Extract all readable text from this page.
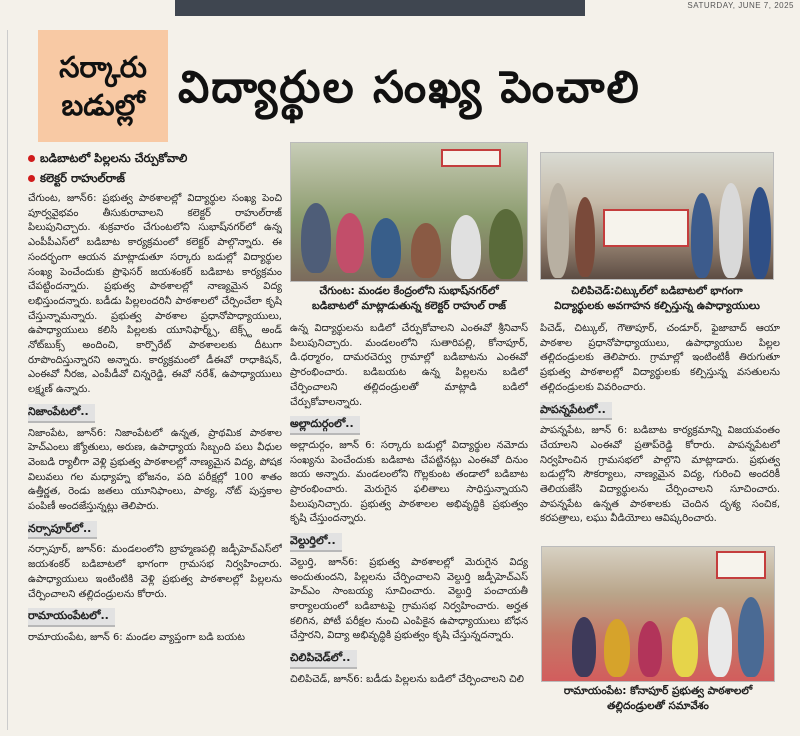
SATURDAY, JUNE 7, 2025
సర్కారు
బడుల్లో విద్యార్థుల సంఖ్య పెంచాలి
బడిబాటలో పిల్లలను చేర్పుకోవాలి
కలెక్టర్‌ రాహుల్‌రాజ్‌

చేగుంట, జూన్‌6: ప్రభుత్వ పాఠశాలల్లో విద్యార్థుల సంఖ్య పెంచి పూర్వవైభవం తీసుకురావాలని కలెక్టర్‌ రాహుల్‌రాజ్‌ పిలుపునిచ్చారు. శుక్రవారం చేగుంటలోని సుభాష్‌నగర్‌లో ఉన్న ఎంపీపీఎస్‌లో బడిబాట కార్యక్రమంలో కలెక్టర్‌ పాల్గొన్నారు. ఈ సందర్భంగా ఆయన మాట్లాడుతూ సర్కారు బడుల్లో విద్యార్థుల సంఖ్య పెంచేందుకు ప్రొఫెసర్‌ జయశంకర్‌ బడిబాట కార్యక్రమం చేపట్టిందన్నారు. ప్రభుత్వ పాఠశాలల్లో నాణ్యమైన విద్య లభిస్తుందన్నారు. బడీడు పిల్లలందరినీ పాఠశాలలో చేర్పించేలా కృషి చేస్తున్నామన్నారు. ప్రభుత్వ పాఠశాల ప్రధానోపాధ్యాయులు, ఉపాధ్యాయులు కలిసి పిల్లలకు యూనిఫార్మ్స్‌, టెక్స్ట్‌ అండ్‌ నోట్‌బుక్స్‌ అందించి, కార్పొరేట్‌ పాఠశాలలకు దీటుగా రూపొందిస్తున్నారని అన్నారు. కార్యక్రమంలో డీఈవో రాధాకిషన్‌, ఎంఈవో నీరజ, ఎంపీడీవో చిన్నరెడ్డి, ఈవో నరేశ్‌, ఉపాధ్యాయులు లక్ష్మణ్‌ ఉన్నారు.

నిజాంపేటలో..

నిజాంపేట, జూన్‌6: నిజాంపేటలో ఉన్నత, ప్రాథమిక పాఠశాల హెచ్‌ఎంలు జ్యోతులు, అరుణ, ఉపాధ్యాయ సిబ్బంది పలు వీధుల వెంబడి ర్యాలీగా వెళ్లి ప్రభుత్వ పాఠశాలల్లో నాణ్యమైన విద్య, పోషక విలువలు గల మధ్యాహ్న భోజనం, పది పరీక్షల్లో 100 శాతం ఉత్తీర్ణత, రెండు జతలు యూనిఫాంలు, పాఠ్య, నోట్‌ పుస్తకాల పంపిణీ అందజేస్తున్నట్లు తెలిపారు.

నర్సాపూర్‌లో..

నర్సాపూర్‌, జూన్‌6: మండలంలోని బ్రాహ్మణపల్లి జడ్పీహెచ్‌ఎస్‌లో జయశంకర్‌ బడిబాటలో భాగంగా గ్రామసభ నిర్వహించారు. ఉపాధ్యాయులు ఇంటింటికి వెళ్లి ప్రభుత్వ పాఠశాలల్లో పిల్లలను చేర్పించాలని తల్లిదండ్రులను కోరారు.

రామాయంపేటలో..

రామాయంపేట, జూన్‌ 6: మండల వ్యాప్తంగా బడి బయట

చేగుంట: మండల కేంద్రంలోని సుభాష్‌నగర్‌లో
బడిబాటలో మాట్లాడుతున్న కలెక్టర్‌ రాహుల్‌ రాజ్‌
చిలిపిచెడ్‌:చిట్కుల్‌లో బడిబాటలో భాగంగా
విద్యార్థులకు అవగాహన కల్పిస్తున్న ఉపాధ్యాయులు

ఉన్న విద్యార్థులను బడిలో చేర్పుకోవాలని ఎంఈవో శ్రీనివాస్‌ పిలుపునిచ్చారు. మండలంలోని సుతారిపల్లి, కోనాపూర్‌, డి.ధర్మారం, దామరచెర్వు గ్రామాల్లో బడిబాటను ఎంఈవో ప్రారంభించారు. బడిబయట ఉన్న పిల్లలను బడిలో చేర్పించాలని తల్లిదండ్రులతో మాట్లాడి బడిలో చేర్పుకోవాలన్నారు.

అల్లాదుర్గంలో..

అల్లాదుర్గం, జూన్‌ 6: సర్కారు బడుల్లో విద్యార్థుల నమోదు సంఖ్యను పెంచేందుకు బడిబాట చేపట్టినట్లు ఎంఈవో దినుం జయ అన్నారు. మండలంలోని గొల్లకుంట తండాలో బడిబాట ప్రారంభించారు. మెరుగైన ఫలితాలు సాధిస్తున్నాయని పిలుపునిచ్చారు. ప్రభుత్వ పాఠశాలల అభివృద్ధికి ప్రభుత్వం కృషి చేస్తుందన్నారు.

వెల్దుర్తిలో..

వెల్దుర్తి, జూన్‌6: ప్రభుత్వ పాఠశాలల్లో మెరుగైన విద్య అందుతుందని, పిల్లలను చేర్పించాలని వెల్దుర్తి జడ్పీహెచ్‌ఎస్‌ హెచ్‌ఎం సాంబయ్య సూచించారు. వెల్దుర్తి పంచాయతీ కార్యాలయంలో బడిబాటపై గ్రామసభ నిర్వహించారు. అర్హత కలిగిన, పోటీ పరీక్షల నుంచి ఎంపికైన ఉపాధ్యాయులు బోధన చేస్తారని, విద్యా అభివృద్ధికి ప్రభుత్వం కృషి చేస్తున్నదన్నారు.

చిలిపిచెడ్‌లో..

చిలిపిచెడ్‌, జూన్‌6: బడీడు పిల్లలను బడిలో చేర్పించాలని చిలి

పిచెడ్‌, చిట్కుల్‌, గౌతాపూర్‌, చండూర్‌, ఫైజాబాద్‌ ఆయా పాఠశాల ప్రధానోపాధ్యాయులు, ఉపాధ్యాయుల పిల్లల తల్లిదండ్రులకు తెలిపారు. గ్రామాల్లో ఇంటింటికీ తిరుగుతూ ప్రభుత్వ పాఠశాలల్లో విద్యార్థులకు కల్పిస్తున్న వసతులను తల్లిదండ్రులకు వివరించారు.

పాపన్నపేటలో..

పాపన్నపేట, జూన్‌ 6: బడిబాట కార్యక్రమాన్ని విజయవంతం చేయాలని ఎంఈవో ప్రతాప్‌రెడ్డి కోరారు. పాపన్నపేటలో నిర్వహించిన గ్రామసభలో పాల్గొని మాట్లాడారు. ప్రభుత్వ బడుల్లోని సౌకర్యాలు, నాణ్యమైన విద్య, గురించి అందరికీ తెలియజేసి విద్యార్థులను చేర్పించాలని సూచించారు. పాపన్నపేట ఉన్నత పాఠశాలకు చెందిన దృశ్య సంచిక, కరపత్రాలు, లఘు వీడియోలు ఆవిష్కరించారు.

రామాయంపేట: కోనాపూర్‌ ప్రభుత్వ పాఠశాలలో
తల్లిదండ్రులతో సమావేశం
